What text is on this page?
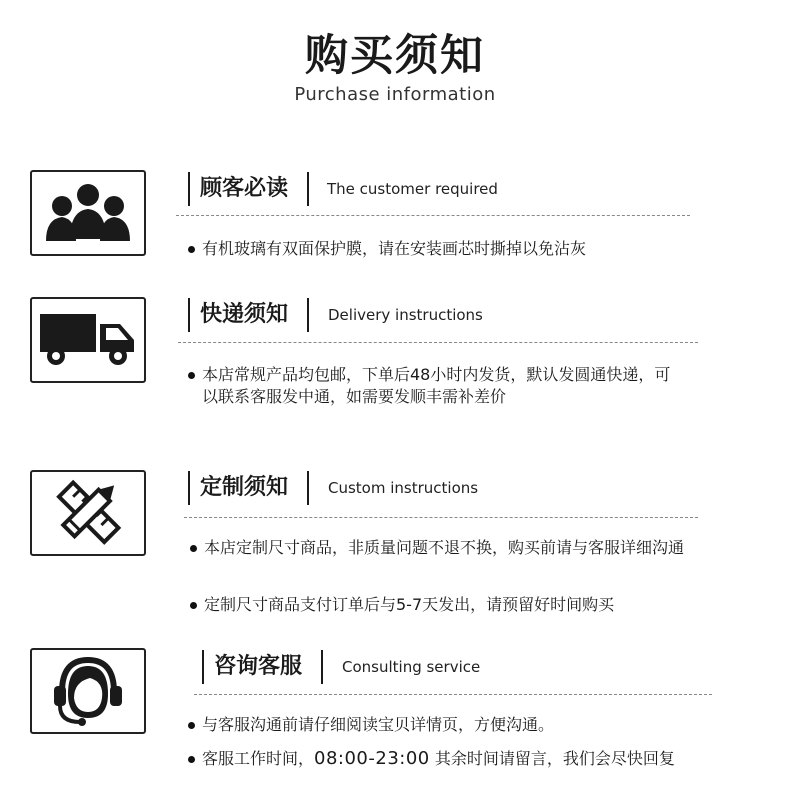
购买须知
Purchase information
顾客必读	The customer required
有机玻璃有双面保护膜，请在安装画芯时撕掉以免沾灰
快递须知	Delivery instructions
本店常规产品均包邮，下单后48小时内发货，默认发圆通快递，可以联系客服发中通，如需要发顺丰需补差价
定制须知	Custom instructions
本店定制尺寸商品，非质量问题不退不换，购买前请与客服详细沟通
定制尺寸商品支付订单后与5-7天发出，请预留好时间购买
咨询客服	Consulting service
与客服沟通前请仔细阅读宝贝详情页，方便沟通。
客服工作时间，08:00-23:00 其余时间请留言，我们会尽快回复
